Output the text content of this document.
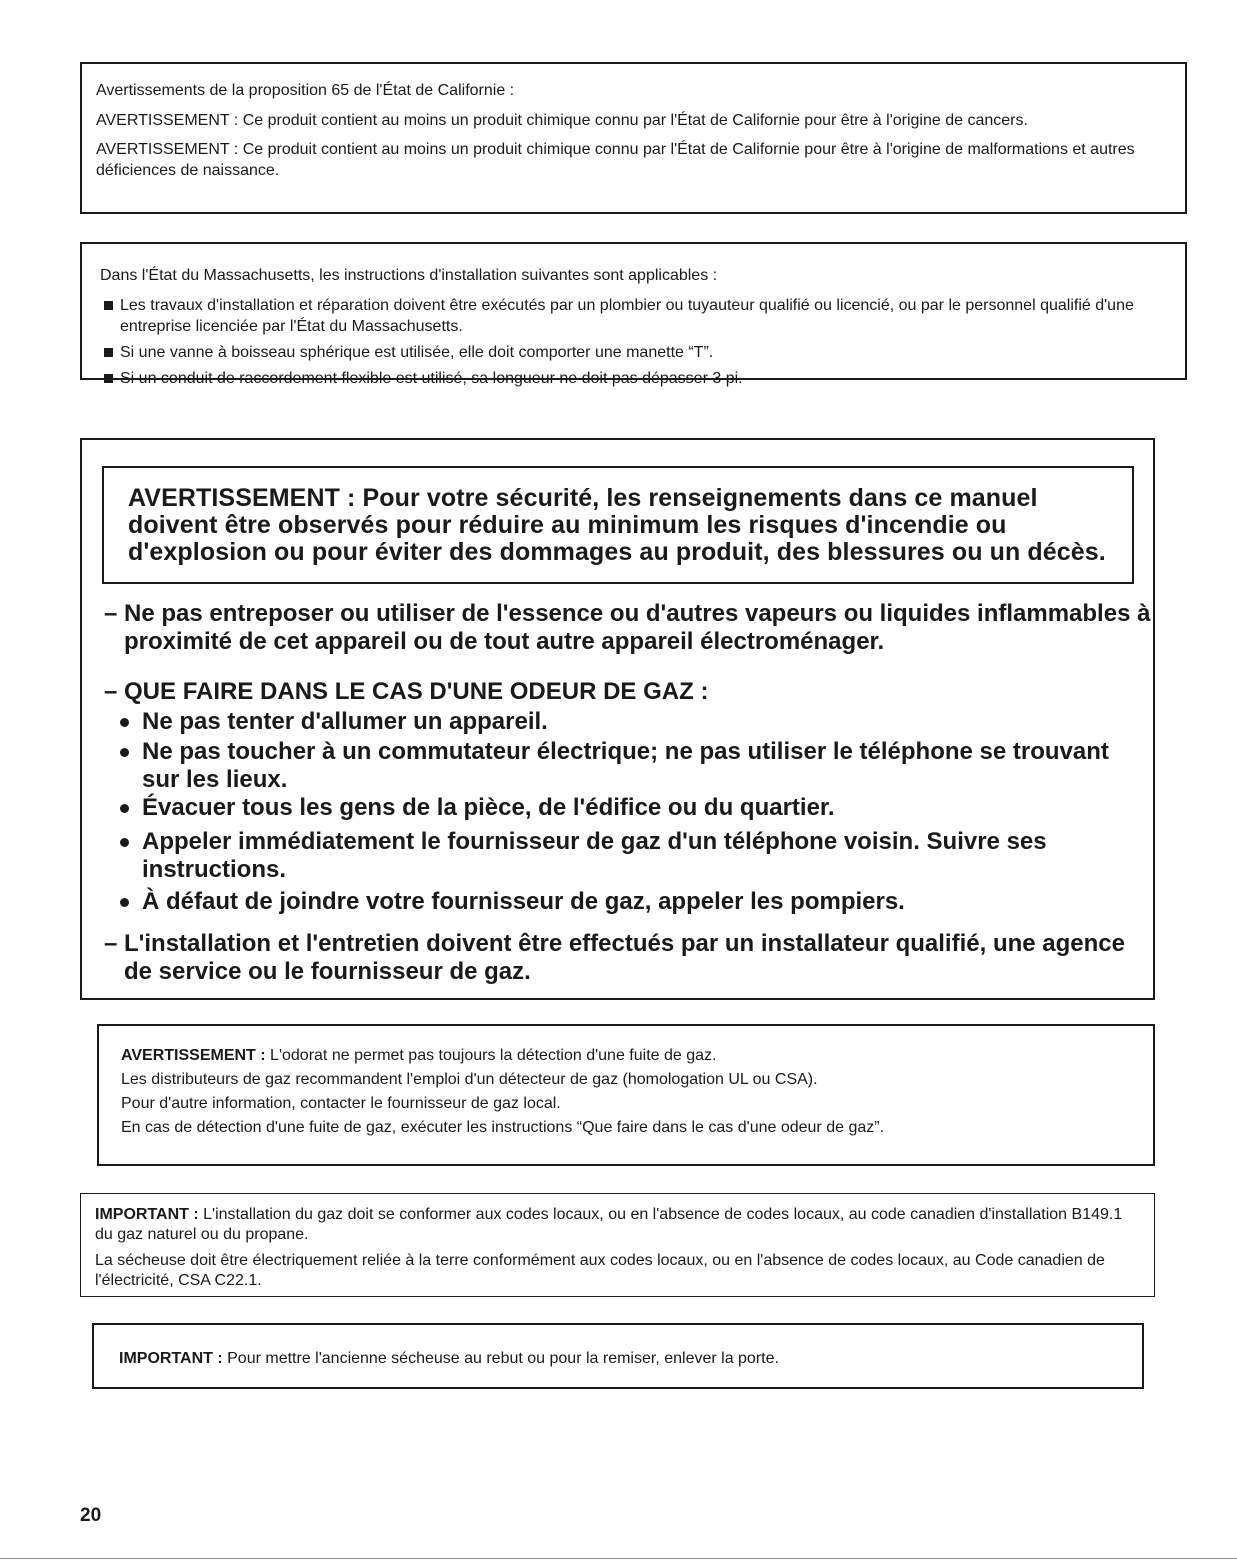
Avertissements de la proposition 65 de l'État de Californie :

AVERTISSEMENT : Ce produit contient au moins un produit chimique connu par l'État de Californie pour être à l'origine de cancers.

AVERTISSEMENT : Ce produit contient au moins un produit chimique connu par l'État de Californie pour être à l'origine de malformations et autres déficiences de naissance.

Dans l'État du Massachusetts, les instructions d'installation suivantes sont applicables :

Les travaux d'installation et réparation doivent être exécutés par un plombier ou tuyauteur qualifié ou licencié, ou par le personnel qualifié d'une entreprise licenciée par l'État du Massachusetts.
Si une vanne à boisseau sphérique est utilisée, elle doit comporter une manette “T”.
Si un conduit de raccordement flexible est utilisé, sa longueur ne doit pas dépasser 3 pi.

AVERTISSEMENT : Pour votre sécurité, les renseignements dans ce manuel doivent être observés pour réduire au minimum les risques d'incendie ou d'explosion ou pour éviter des dommages au produit, des blessures ou un décès.

– Ne pas entreposer ou utiliser de l'essence ou d'autres vapeurs ou liquides inflammables à proximité de cet appareil ou de tout autre appareil électroménager.
– QUE FAIRE DANS LE CAS D'UNE ODEUR DE GAZ :
Ne pas tenter d'allumer un appareil.
Ne pas toucher à un commutateur électrique; ne pas utiliser le téléphone se trouvant sur les lieux.
Évacuer tous les gens de la pièce, de l'édifice ou du quartier.
Appeler immédiatement le fournisseur de gaz d'un téléphone voisin. Suivre ses instructions.
À défaut de joindre votre fournisseur de gaz, appeler les pompiers.
– L'installation et l'entretien doivent être effectués par un installateur qualifié, une agence de service ou le fournisseur de gaz.

AVERTISSEMENT : L'odorat ne permet pas toujours la détection d'une fuite de gaz.

Les distributeurs de gaz recommandent l'emploi d'un détecteur de gaz (homologation UL ou CSA).

Pour d'autre information, contacter le fournisseur de gaz local.

En cas de détection d'une fuite de gaz, exécuter les instructions “Que faire dans le cas d'une odeur de gaz”.

IMPORTANT : L'installation du gaz doit se conformer aux codes locaux, ou en l'absence de codes locaux, au code canadien d'installation B149.1 du gaz naturel ou du propane.

La sécheuse doit être électriquement reliée à la terre conformément aux codes locaux, ou en l'absence de codes locaux, au Code canadien de l'électricité, CSA C22.1.

IMPORTANT : Pour mettre l'ancienne sécheuse au rebut ou pour la remiser, enlever la porte.

20
